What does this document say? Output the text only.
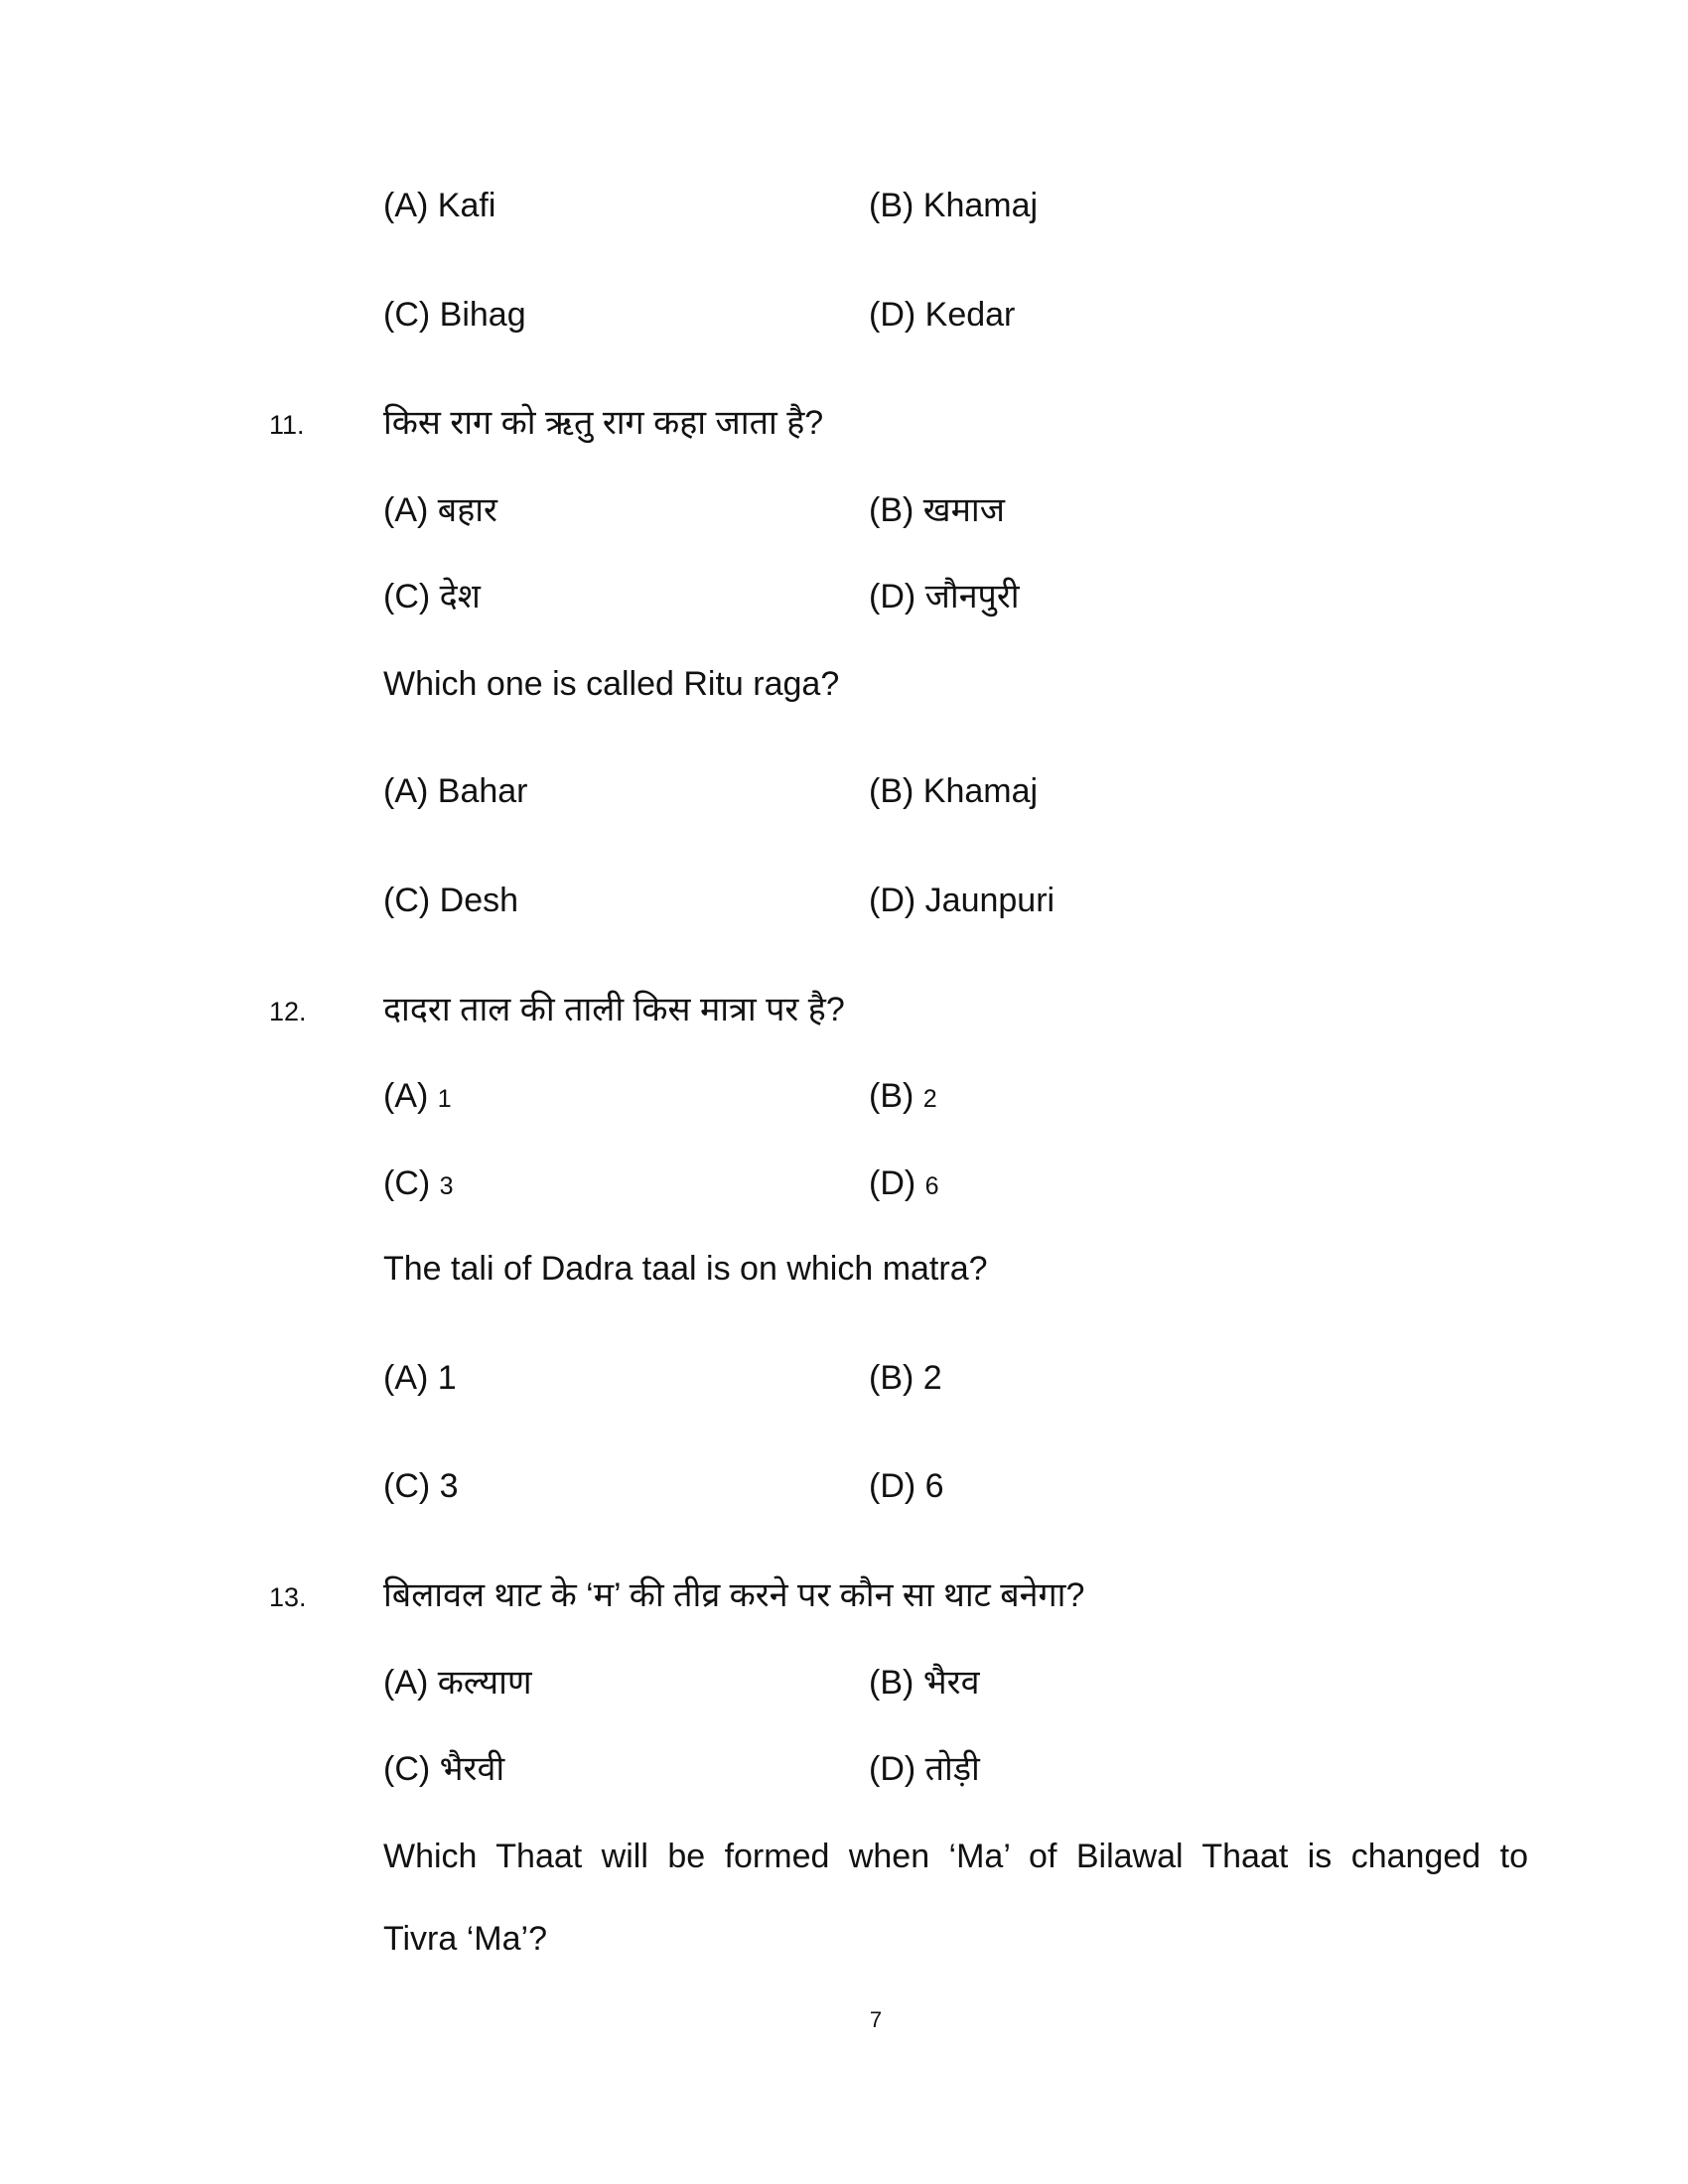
(A) Kafi	(B) Khamaj
(C) Bihag	(D) Kedar
11. किस राग को ऋतु राग कहा जाता है?
(A) बहार	(B) खमाज
(C) देश	(D) जौनपुरी
Which one is called Ritu raga?
(A) Bahar	(B) Khamaj
(C) Desh	(D) Jaunpuri
12. दादरा ताल की ताली किस मात्रा पर है?
(A) 1	(B) 2
(C) 3	(D) 6
The tali of Dadra taal is on which matra?
(A) 1	(B) 2
(C) 3	(D) 6
13. बिलावल थाट के ‘म’ की तीव्र करने पर कौन सा थाट बनेगा?
(A) कल्याण	(B) भैरव
(C) भैरवी	(D) तोड़ी
Which Thaat will be formed when ‘Ma’ of Bilawal Thaat is changed to
Tivra ‘Ma’?
7
